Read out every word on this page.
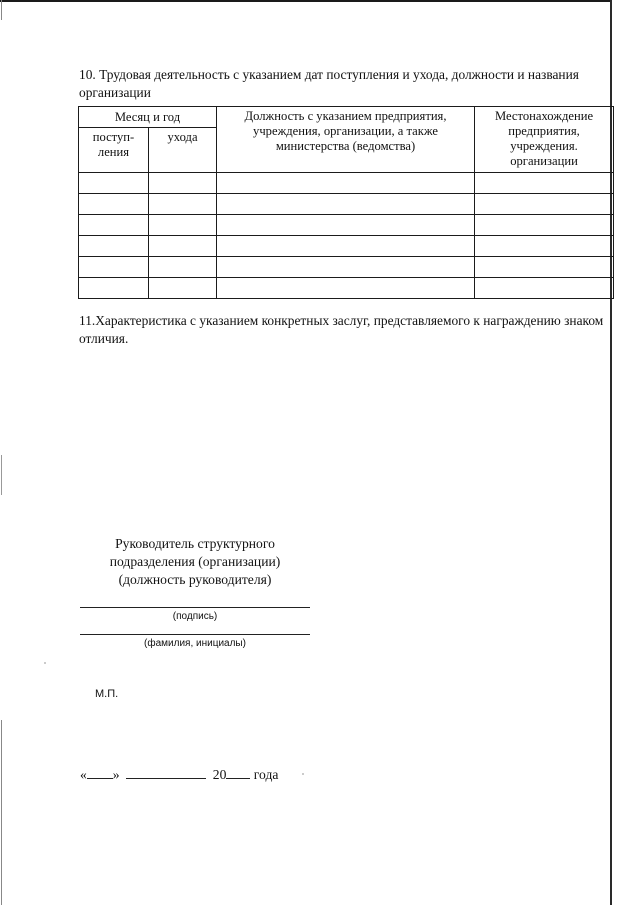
10. Трудовая деятельность с указанием дат поступления и ухода, должности и названия организации
Месяц и год		Должность с указанием предприятия, учреждения, организации, а также министерства (ведомства)	Местонахождение предприятия, учреждения. организации

поступ-ления	ухода		

11.Характеристика с указанием конкретных заслуг, представляемого к награждению знаком отличия.
Руководитель структурного
подразделения (организации)
(должность руководителя)
(подпись)
(фамилия, инициалы)
М.П.
« »	20 года
